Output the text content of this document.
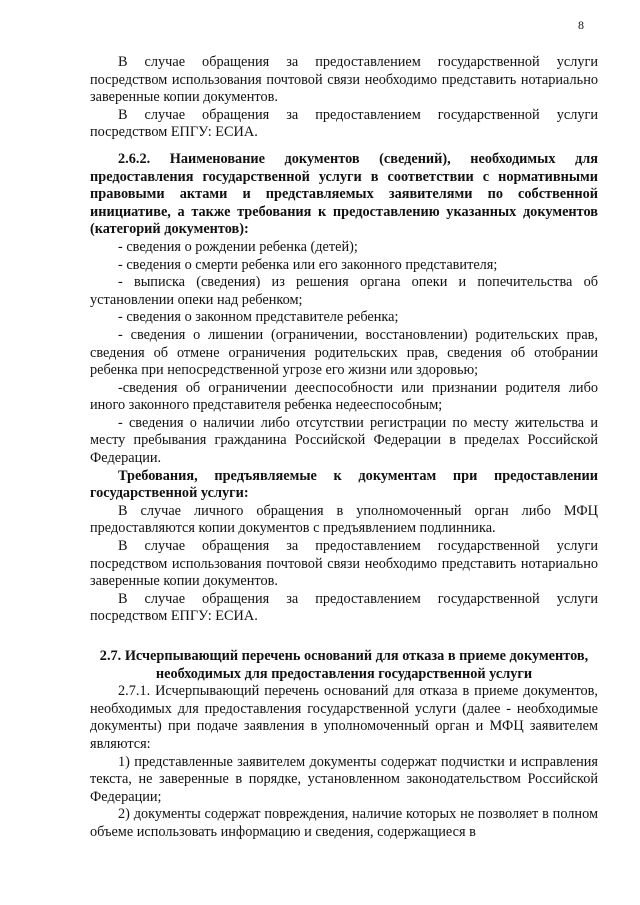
8

В случае обращения за предоставлением государственной услуги посредством использования почтовой связи необходимо представить нотариально заверенные копии документов.

В случае обращения за предоставлением государственной услуги посредством ЕПГУ: ЕСИА.

2.6.2. Наименование документов (сведений), необходимых для предоставления государственной услуги в соответствии с нормативными правовыми актами и представляемых заявителями по собственной инициативе, а также требования к предоставлению указанных документов (категорий документов):

- сведения о рождении ребенка (детей);

- сведения о смерти ребенка или его законного представителя;

- выписка (сведения) из решения органа опеки и попечительства об установлении опеки над ребенком;

- сведения о законном представителе ребенка;

- сведения о лишении (ограничении, восстановлении) родительских прав, сведения об отмене ограничения родительских прав, сведения об отобрании ребенка при непосредственной угрозе его жизни или здоровью;

-сведения об ограничении дееспособности или признании родителя либо иного законного представителя ребенка недееспособным;

- сведения о наличии либо отсутствии регистрации по месту жительства и месту пребывания гражданина Российской Федерации в пределах Российской Федерации.

Требования, предъявляемые к документам при предоставлении государственной услуги:

В случае личного обращения в уполномоченный орган либо МФЦ предоставляются копии документов с предъявлением подлинника.

В случае обращения за предоставлением государственной услуги посредством использования почтовой связи необходимо представить нотариально заверенные копии документов.

В случае обращения за предоставлением государственной услуги посредством ЕПГУ: ЕСИА.

2.7. Исчерпывающий перечень оснований для отказа в приеме документов, необходимых для предоставления государственной услуги

2.7.1. Исчерпывающий перечень оснований для отказа в приеме документов, необходимых для предоставления государственной услуги (далее - необходимые документы) при подаче заявления в уполномоченный орган и МФЦ заявителем являются:

1) представленные заявителем документы содержат подчистки и исправления текста, не заверенные в порядке, установленном законодательством Российской Федерации;

2) документы содержат повреждения, наличие которых не позволяет в полном объеме использовать информацию и сведения, содержащиеся в
